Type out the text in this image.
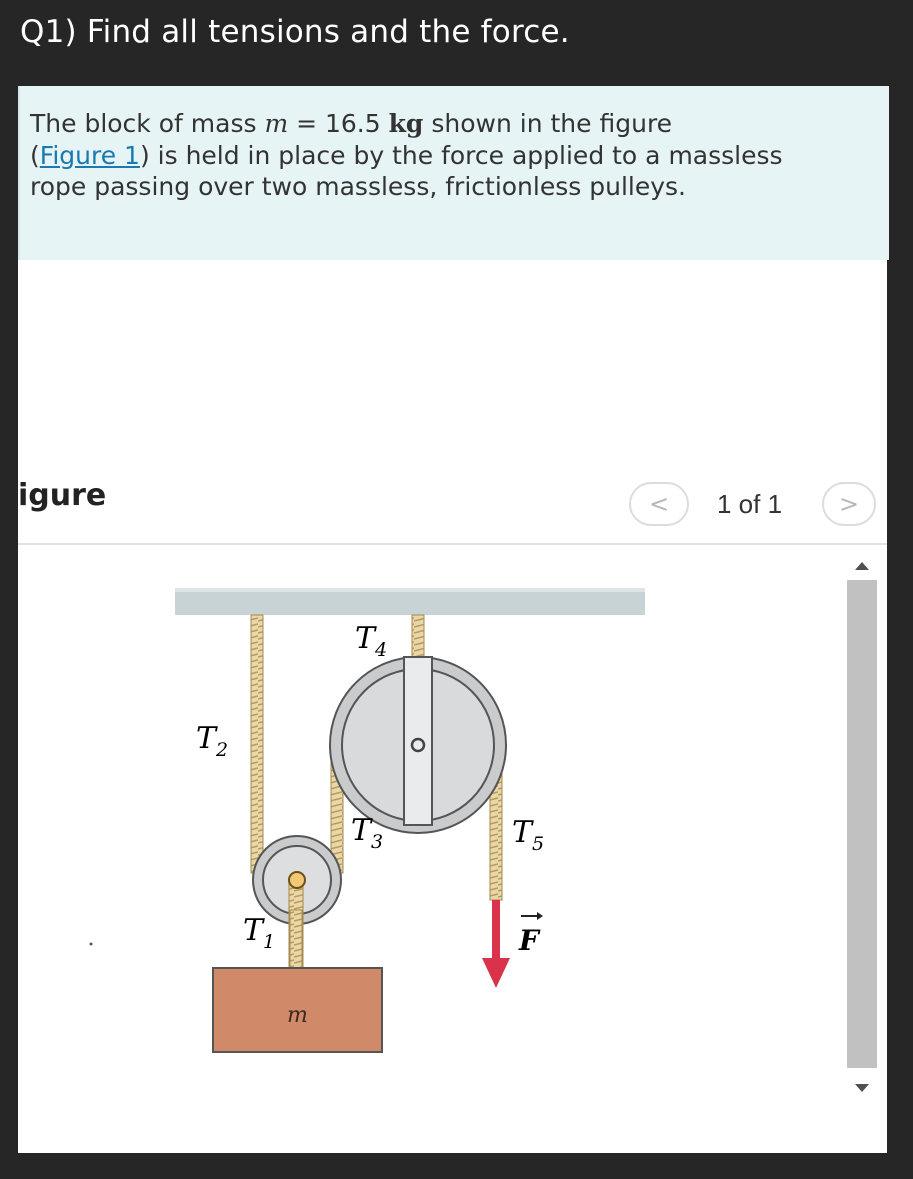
Q1) Find all tensions and the force.
The block of mass m = 16.5 kg shown in the figure
(Figure 1) is held in place by the force applied to a massless rope passing over two massless, frictionless pulleys.
igure	<	1 of 1	>
$T_4$
$T_2$
$T_3$	$T_5$
$T_1$	F
m
